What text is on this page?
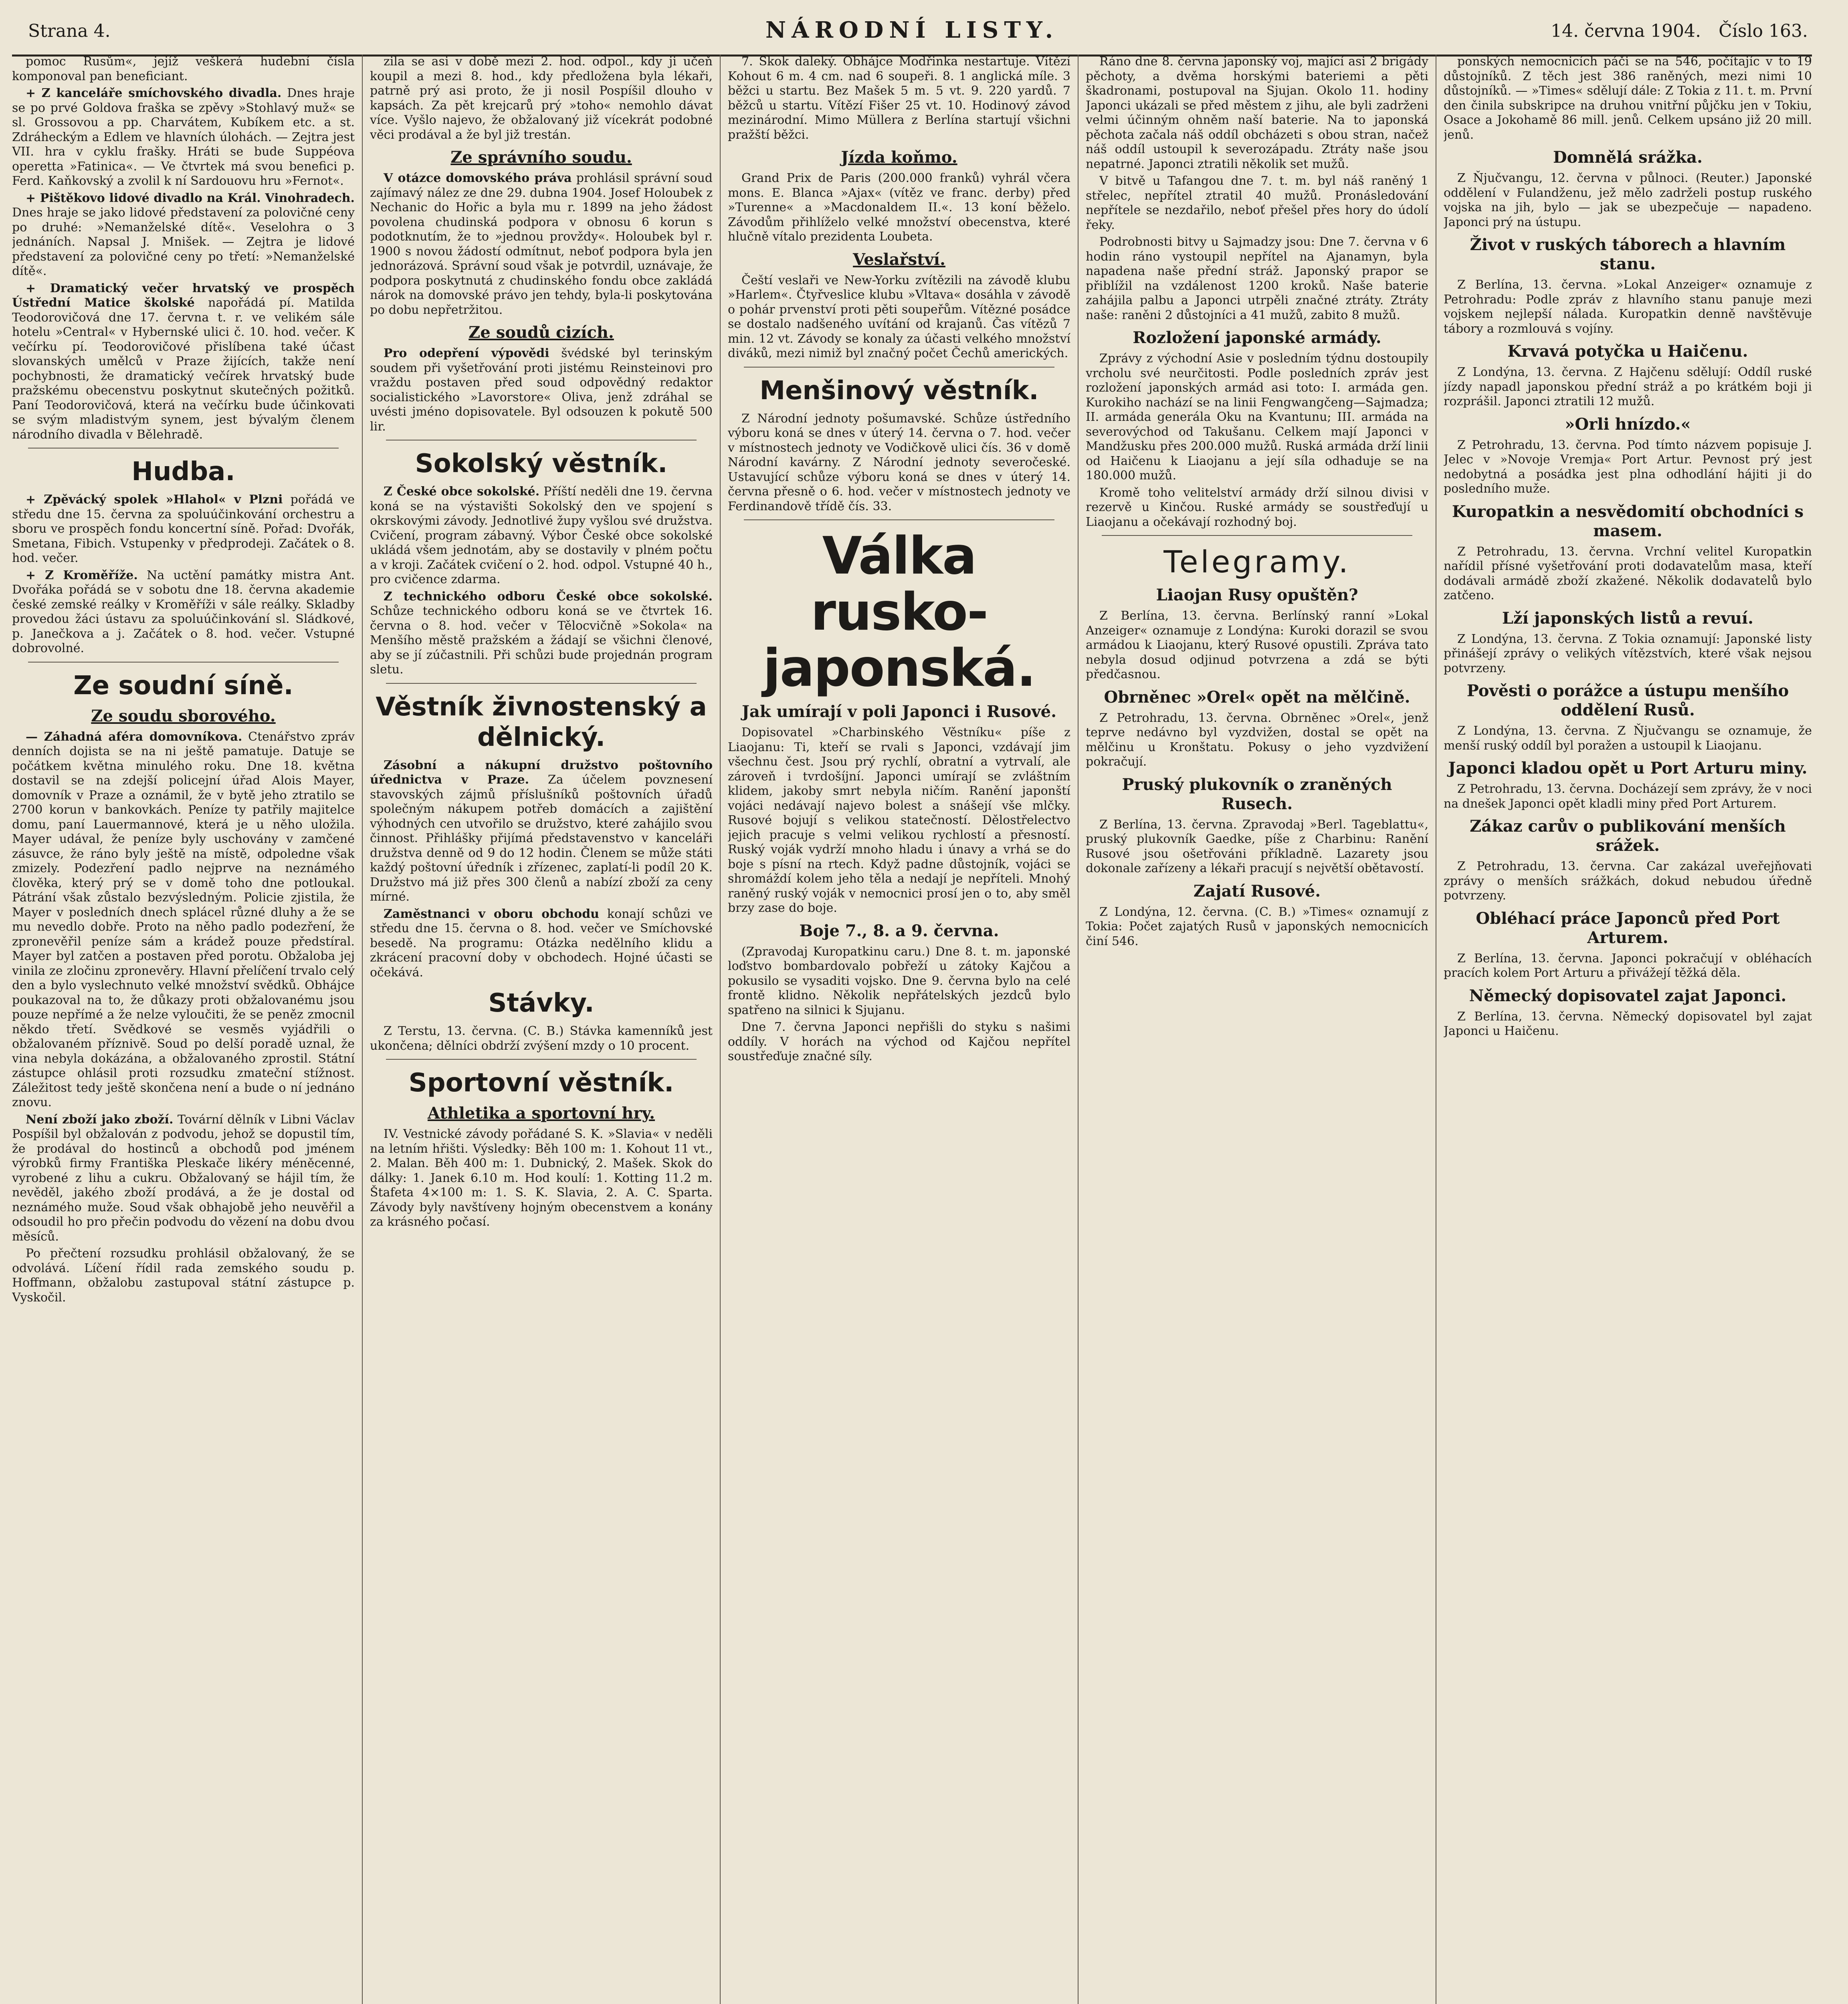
Strana 4.	NÁRODNÍ LISTY.	14. června 1904. Číslo 163.

pomoc Rusům«, jejíž veškerá hudební čísla komponoval pan beneficiant.

+ Z kanceláře smíchovského divadla. Dnes hraje se po prvé Goldova fraška se zpěvy »Stohlavý muž« se sl. Grossovou a pp. Charvátem, Kubíkem etc. a st. Zdráheckým a Edlem ve hlavních úlohách. — Zejtra jest VII. hra v cyklu frašky. Hráti se bude Suppéova operetta »Fatinica«. — Ve čtvrtek má svou benefici p. Ferd. Kaňkovský a zvolil k ní Sardouovu hru »Fernot«.

+ Pištěkovo lidové divadlo na Král. Vinohradech. Dnes hraje se jako lidové představení za polovičné ceny po druhé: »Nemanželské dítě«. Veselohra o 3 jednáních. Napsal J. Mnišek. — Zejtra je lidové představení za polovičné ceny po třetí: »Nemanželské dítě«.

+ Dramatický večer hrvatský ve prospěch Ústřední Matice školské napořádá pí. Matilda Teodorovičová dne 17. června t. r. ve velikém sále hotelu »Central« v Hybernské ulici č. 10. hod. večer. K večírku pí. Teodorovičové přislíbena také účast slovanských umělců v Praze žijících, takže není pochybnosti, že dramatický večírek hrvatský bude pražskému obecenstvu poskytnut skutečných požitků. Paní Teodorovičová, která na večírku bude účinkovati se svým mladistvým synem, jest bývalým členem národního divadla v Bělehradě.

Hudba.

+ Zpěvácký spolek »Hlahol« v Plzni pořádá ve středu dne 15. června za spoluúčinkování orchestru a sboru ve prospěch fondu koncertní síně. Pořad: Dvořák, Smetana, Fibich. Vstupenky v předprodeji. Začátek o 8. hod. večer.

+ Z Kroměříže. Na uctění památky mistra Ant. Dvořáka pořádá se v sobotu dne 18. června akademie české zemské reálky v Kroměříži v sále reálky. Skladby provedou žáci ústavu za spoluúčinkování sl. Sládkové, p. Janečkova a j. Začátek o 8. hod. večer. Vstupné dobrovolné.

Ze soudní síně.
Ze soudu sborového.

— Záhadná aféra domovníkova. Ctenářstvo zpráv denních dojista se na ni ještě pamatuje. Datuje se počátkem května minulého roku. Dne 18. května dostavil se na zdejší policejní úřad Alois Mayer, domovník v Praze a oznámil, že v bytě jeho ztratilo se 2700 korun v bankovkách. Peníze ty patřily majitelce domu, paní Lauermannové, která je u něho uložila. Mayer udával, že peníze byly uschovány v zamčené zásuvce, že ráno byly ještě na místě, odpoledne však zmizely. Podezření padlo nejprve na neznámého člověka, který prý se v domě toho dne potloukal. Pátrání však zůstalo bezvýsledným. Policie zjistila, že Mayer v posledních dnech splácel různé dluhy a že se mu nevedlo dobře. Proto na něho padlo podezření, že zpronevěřil peníze sám a krádež pouze předstíral. Mayer byl zatčen a postaven před porotu. Obžaloba jej vinila ze zločinu zpronevěry. Hlavní přelíčení trvalo celý den a bylo vyslechnuto velké množství svědků. Obhájce poukazoval na to, že důkazy proti obžalovanému jsou pouze nepřímé a že nelze vyloučiti, že se peněz zmocnil někdo třetí. Svědkové se vesměs vyjádřili o obžalovaném příznivě. Soud po delší poradě uznal, že vina nebyla dokázána, a obžalovaného zprostil. Státní zástupce ohlásil proti rozsudku zmateční stížnost. Záležitost tedy ještě skončena není a bude o ní jednáno znovu.

Není zboží jako zboží. Tovární dělník v Libni Václav Pospíšil byl obžalován z podvodu, jehož se dopustil tím, že prodával do hostinců a obchodů pod jménem výrobků firmy Františka Pleskače likéry méněcenné, vyrobené z lihu a cukru. Obžalovaný se hájil tím, že nevěděl, jakého zboží prodává, a že je dostal od neznámého muže. Soud však obhajobě jeho neuvěřil a odsoudil ho pro přečin podvodu do vězení na dobu dvou měsíců.

Po přečtení rozsudku prohlásil obžalovaný, že se odvolává. Líčení řídil rada zemského soudu p. Hoffmann, obžalobu zastupoval státní zástupce p. Vyskočil.

zila se asi v době mezi 2. hod. odpol., kdy ji učeň koupil a mezi 8. hod., kdy předložena byla lékaři, patrně prý asi proto, že ji nosil Pospíšil dlouho v kapsách. Za pět krejcarů prý »toho« nemohlo dávat více. Vyšlo najevo, že obžalovaný již vícekrát podobné věci prodával a že byl již trestán.

Ze správního soudu.

V otázce domovského práva prohlásil správní soud zajímavý nález ze dne 29. dubna 1904. Josef Holoubek z Nechanic do Hořic a byla mu r. 1899 na jeho žádost povolena chudinská podpora v obnosu 6 korun s podotknutím, že to »jednou provždy«. Holoubek byl r. 1900 s novou žádostí odmítnut, neboť podpora byla jen jednorázová. Správní soud však je potvrdil, uznávaje, že podpora poskytnutá z chudinského fondu obce zakládá nárok na domovské právo jen tehdy, byla-li poskytována po dobu nepřetržitou.

Ze soudů cizích.

Pro odepření výpovědi švédské byl terinským soudem při vyšetřování proti jistému Reinsteinovi pro vraždu postaven před soud odpovědný redaktor socialistického »Lavorstore« Oliva, jenž zdráhal se uvésti jméno dopisovatele. Byl odsouzen k pokutě 500 lir.

Sokolský věstník.

Z České obce sokolské. Příští neděli dne 19. června koná se na výstavišti Sokolský den ve spojení s okrskovými závody. Jednotlivé župy vyšlou své družstva. Cvičení, program zábavný. Výbor České obce sokolské ukládá všem jednotám, aby se dostavily v plném počtu a v kroji. Začátek cvičení o 2. hod. odpol. Vstupné 40 h., pro cvičence zdarma.

Z technického odboru České obce sokolské. Schůze technického odboru koná se ve čtvrtek 16. června o 8. hod. večer v Tělocvičně »Sokola« na Menšího městě pražském a žádají se všichni členové, aby se jí zúčastnili. Při schůzi bude projednán program sletu.

Věstník živnostenský a dělnický.

Zásobní a nákupní družstvo poštovního úřednictva v Praze. Za účelem povznesení stavovských zájmů příslušníků poštovních úřadů společným nákupem potřeb domácích a zajištění výhodných cen utvořilo se družstvo, které zahájilo svou činnost. Přihlášky přijímá představenstvo v kanceláři družstva denně od 9 do 12 hodin. Členem se může státi každý poštovní úředník i zřízenec, zaplatí-li podíl 20 K. Družstvo má již přes 300 členů a nabízí zboží za ceny mírné.

Zaměstnanci v oboru obchodu konají schůzi ve středu dne 15. června o 8. hod. večer ve Smíchovské besedě. Na programu: Otázka nedělního klidu a zkrácení pracovní doby v obchodech. Hojné účasti se očekává.

Stávky.

Z Terstu, 13. června. (C. B.) Stávka kamenníků jest ukončena; dělníci obdrží zvýšení mzdy o 10 procent.

Sportovní věstník.
Athletika a sportovní hry.

IV. Vestnické závody pořádané S. K. »Slavia« v neděli na letním hřišti. Výsledky: Běh 100 m: 1. Kohout 11 vt., 2. Malan. Běh 400 m: 1. Dubnický, 2. Mašek. Skok do dálky: 1. Janek 6.10 m. Hod koulí: 1. Kotting 11.2 m. Štafeta 4×100 m: 1. S. K. Slavia, 2. A. C. Sparta. Závody byly navštíveny hojným obecenstvem a konány za krásného počasí.

7. Skok daleký. Obhájce Modřinka nestartuje. Vítězí Kohout 6 m. 4 cm. nad 6 soupeři. 8. 1 anglická míle. 3 běžci u startu. Bez Mašek 5 m. 5 vt. 9. 220 yardů. 7 běžců u startu. Vítězí Fišer 25 vt. 10. Hodinový závod mezinárodní. Mimo Müllera z Berlína startují všichni pražští běžci.

Jízda koňmo.

Grand Prix de Paris (200.000 franků) vyhrál včera mons. E. Blanca »Ajax« (vítěz ve franc. derby) před »Turenne« a »Macdonaldem II.«. 13 koní běželo. Závodům přihlíželo velké množství obecenstva, které hlučně vítalo prezidenta Loubeta.

Veslařství.

Čeští veslaři ve New-Yorku zvítězili na závodě klubu »Harlem«. Čtyřveslice klubu »Vltava« dosáhla v závodě o pohár prvenství proti pěti soupeřům. Vítězné posádce se dostalo nadšeného uvítání od krajanů. Čas vítězů 7 min. 12 vt. Závody se konaly za účasti velkého množství diváků, mezi nimiž byl značný počet Čechů amerických.

Menšinový věstník.

Z Národní jednoty pošumavské. Schůze ústředního výboru koná se dnes v úterý 14. června o 7. hod. večer v místnostech jednoty ve Vodičkově ulici čís. 36 v domě Národní kavárny. Z Národní jednoty severočeské. Ustavující schůze výboru koná se dnes v úterý 14. června přesně o 6. hod. večer v místnostech jednoty ve Ferdinandově třídě čís. 33.

Válka rusko-japonská.
Jak umírají v poli Japonci i Rusové.

Dopisovatel »Charbinského Věstníku« píše z Liaojanu: Ti, kteří se rvali s Japonci, vzdávají jim všechnu čest. Jsou prý rychlí, obratní a vytrvalí, ale zároveň i tvrdošíjní. Japonci umírají se zvláštním klidem, jakoby smrt nebyla ničím. Ranění japonští vojáci nedávají najevo bolest a snášejí vše mlčky. Rusové bojují s velikou statečností. Dělostřelectvo jejich pracuje s velmi velikou rychlostí a přesností. Ruský voják vydrží mnoho hladu i únavy a vrhá se do boje s písní na rtech. Když padne důstojník, vojáci se shromáždí kolem jeho těla a nedají je nepříteli. Mnohý raněný ruský voják v nemocnici prosí jen o to, aby směl brzy zase do boje.

Boje 7., 8. a 9. června.

(Zpravodaj Kuropatkinu caru.) Dne 8. t. m. japonské loďstvo bombardovalo pobřeží u zátoky Kajčou a pokusilo se vysaditi vojsko. Dne 9. června bylo na celé frontě klidno. Několik nepřátelských jezdců bylo spatřeno na silnici k Sjujanu.

Dne 7. června Japonci nepřišli do styku s našimi oddíly. V horách na východ od Kajčou nepřítel soustřeďuje značné síly.

Ráno dne 8. června japonský voj, mající asi 2 brigády pěchoty, a dvěma horskými bateriemi a pěti škadronami, postupoval na Sjujan. Okolo 11. hodiny Japonci ukázali se před městem z jihu, ale byli zadrženi velmi účinným ohněm naší baterie. Na to japonská pěchota začala náš oddíl obcházeti s obou stran, načež náš oddíl ustoupil k severozápadu. Ztráty naše jsou nepatrné. Japonci ztratili několik set mužů.

V bitvě u Tafangou dne 7. t. m. byl náš raněný 1 střelec, nepřítel ztratil 40 mužů. Pronásledování nepřítele se nezdařilo, neboť přešel přes hory do údolí řeky.

Podrobnosti bitvy u Sajmadzy jsou: Dne 7. června v 6 hodin ráno vystoupil nepřítel na Ajanamyn, byla napadena naše přední stráž. Japonský prapor se přiblížil na vzdálenost 1200 kroků. Naše baterie zahájila palbu a Japonci utrpěli značné ztráty. Ztráty naše: raněni 2 důstojníci a 41 mužů, zabito 8 mužů.

Rozložení japonské armády.

Zprávy z východní Asie v posledním týdnu dostoupily vrcholu své neurčitosti. Podle posledních zpráv jest rozložení japonských armád asi toto: I. armáda gen. Kurokiho nachází se na linii Fengwangčeng—Sajmadza; II. armáda generála Oku na Kvantunu; III. armáda na severovýchod od Takušanu. Celkem mají Japonci v Mandžusku přes 200.000 mužů. Ruská armáda drží linii od Haičenu k Liaojanu a její síla odhaduje se na 180.000 mužů.

Kromě toho velitelství armády drží silnou divisi v rezervě u Kinčou. Ruské armády se soustřeďují u Liaojanu a očekávají rozhodný boj.

Telegramy.
Liaojan Rusy opuštěn?

Z Berlína, 13. června. Berlínský ranní »Lokal Anzeiger« oznamuje z Londýna: Kuroki dorazil se svou armádou k Liaojanu, který Rusové opustili. Zpráva tato nebyla dosud odjinud potvrzena a zdá se býti předčasnou.

Obrněnec »Orel« opět na mělčině.

Z Petrohradu, 13. června. Obrněnec »Orel«, jenž teprve nedávno byl vyzdvižen, dostal se opět na mělčinu u Kronštatu. Pokusy o jeho vyzdvižení pokračují.

Pruský plukovník o zraněných Rusech.

Z Berlína, 13. června. Zpravodaj »Berl. Tageblattu«, pruský plukovník Gaedke, píše z Charbinu: Ranění Rusové jsou ošetřováni příkladně. Lazarety jsou dokonale zařízeny a lékaři pracují s největší obětavostí.

Zajatí Rusové.

Z Londýna, 12. června. (C. B.) »Times« oznamují z Tokia: Počet zajatých Rusů v japonských nemocnicích činí 546.

ponských nemocnicích páči se na 546, počítajíc v to 19 důstojníků. Z těch jest 386 raněných, mezi nimi 10 důstojníků. — »Times« sdělují dále: Z Tokia z 11. t. m. První den činila subskripce na druhou vnitřní půjčku jen v Tokiu, Osace a Jokohamě 86 mill. jenů. Celkem upsáno již 20 mill. jenů.

Domnělá srážka.

Z Ňjučvangu, 12. června v půlnoci. (Reuter.) Japonské oddělení v Fulandženu, jež mělo zadrželi postup ruského vojska na jih, bylo — jak se ubezpečuje — napadeno. Japonci prý na ústupu.

Život v ruských táborech a hlavním stanu.

Z Berlína, 13. června. »Lokal Anzeiger« oznamuje z Petrohradu: Podle zpráv z hlavního stanu panuje mezi vojskem nejlepší nálada. Kuropatkin denně navštěvuje tábory a rozmlouvá s vojíny.

Krvavá potyčka u Haičenu.

Z Londýna, 13. června. Z Hajčenu sdělují: Oddíl ruské jízdy napadl japonskou přední stráž a po krátkém boji ji rozprášil. Japonci ztratili 12 mužů.

»Orli hnízdo.«

Z Petrohradu, 13. června. Pod tímto názvem popisuje J. Jelec v »Novoje Vremja« Port Artur. Pevnost prý jest nedobytná a posádka jest plna odhodlání hájiti ji do posledního muže.

Kuropatkin a nesvědomití obchodníci s masem.

Z Petrohradu, 13. června. Vrchní velitel Kuropatkin nařídil přísné vyšetřování proti dodavatelům masa, kteří dodávali armádě zboží zkažené. Několik dodavatelů bylo zatčeno.

Lží japonských listů a revuí.

Z Londýna, 13. června. Z Tokia oznamují: Japonské listy přinášejí zprávy o velikých vítězstvích, které však nejsou potvrzeny.

Pověsti o porážce a ústupu menšího oddělení Rusů.

Z Londýna, 13. června. Z Ňjučvangu se oznamuje, že menší ruský oddíl byl poražen a ustoupil k Liaojanu.

Japonci kladou opět u Port Arturu miny.

Z Petrohradu, 13. června. Docházejí sem zprávy, že v noci na dnešek Japonci opět kladli miny před Port Arturem.

Zákaz carův o publikování menších srážek.

Z Petrohradu, 13. června. Car zakázal uveřejňovati zprávy o menších srážkách, dokud nebudou úředně potvrzeny.

Obléhací práce Japonců před Port Arturem.

Z Berlína, 13. června. Japonci pokračují v obléhacích pracích kolem Port Arturu a přivážejí těžká děla.

Německý dopisovatel zajat Japonci.

Z Berlína, 13. června. Německý dopisovatel byl zajat Japonci u Haičenu.
